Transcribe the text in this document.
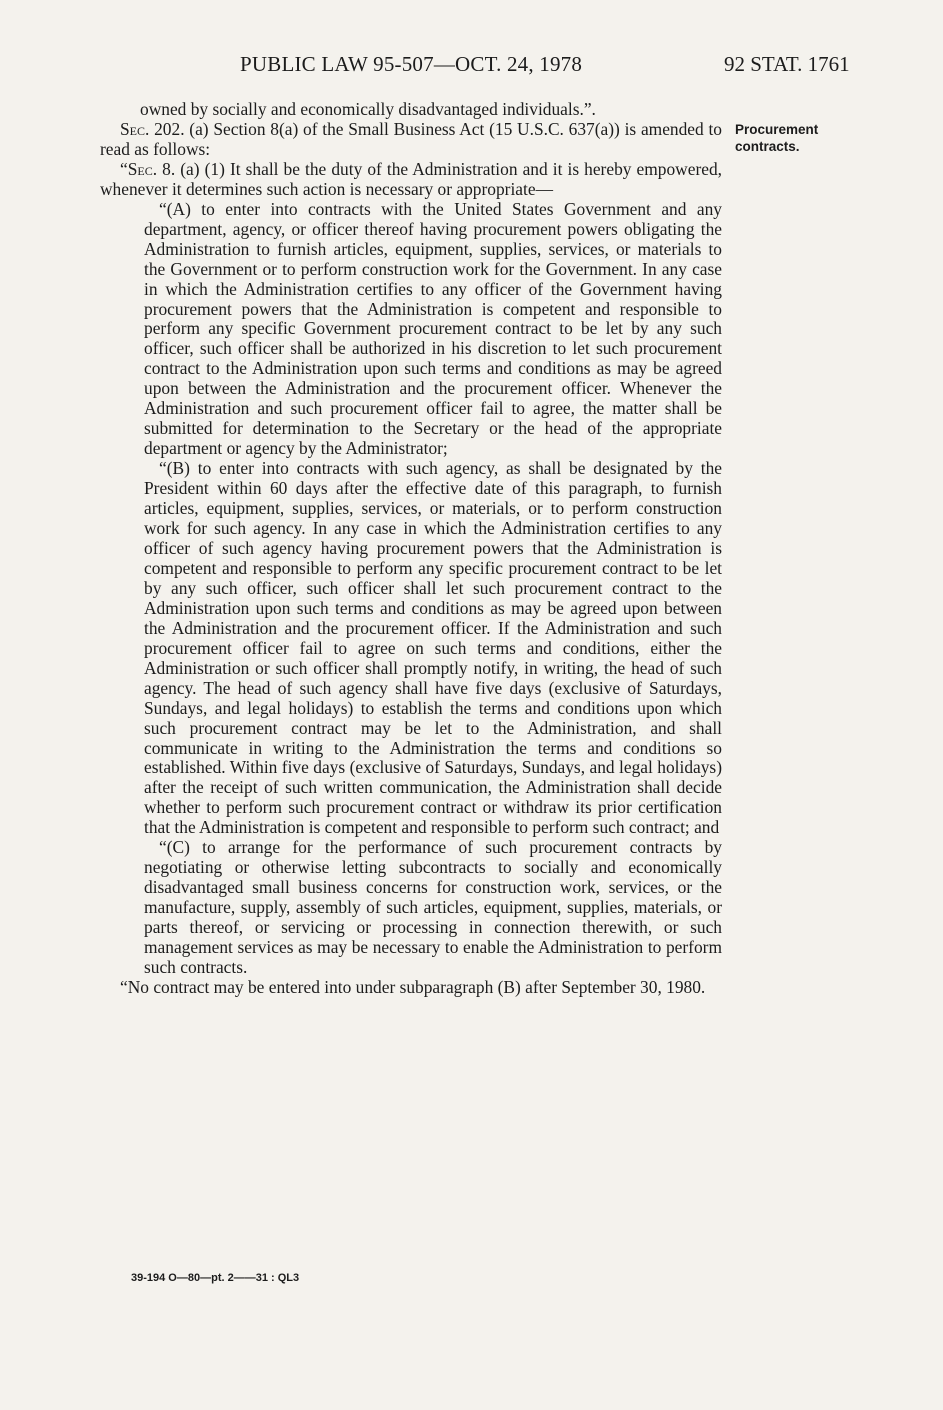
PUBLIC LAW 95-507—OCT. 24, 1978	92 STAT. 1761
Procurement
contracts.

owned by socially and economically disadvantaged individuals.”.

Sec. 202. (a) Section 8(a) of the Small Business Act (15 U.S.C. 637(a)) is amended to read as follows:

“Sec. 8. (a) (1) It shall be the duty of the Administration and it is hereby empowered, whenever it determines such action is necessary or appropriate—

“(A) to enter into contracts with the United States Government and any department, agency, or officer thereof having procurement powers obligating the Administration to furnish articles, equipment, supplies, services, or materials to the Government or to perform construction work for the Government. In any case in which the Administration certifies to any officer of the Government having procurement powers that the Administration is competent and responsible to perform any specific Government procurement contract to be let by any such officer, such officer shall be authorized in his discretion to let such procurement contract to the Administration upon such terms and conditions as may be agreed upon between the Administration and the procurement officer. Whenever the Administration and such procurement officer fail to agree, the matter shall be submitted for determination to the Secretary or the head of the appropriate department or agency by the Administrator;

“(B) to enter into contracts with such agency, as shall be designated by the President within 60 days after the effective date of this paragraph, to furnish articles, equipment, supplies, services, or materials, or to perform construction work for such agency. In any case in which the Administration certifies to any officer of such agency having procurement powers that the Administration is competent and responsible to perform any specific procurement contract to be let by any such officer, such officer shall let such procurement contract to the Administration upon such terms and conditions as may be agreed upon between the Administration and the procurement officer. If the Administration and such procurement officer fail to agree on such terms and conditions, either the Administration or such officer shall promptly notify, in writing, the head of such agency. The head of such agency shall have five days (exclusive of Saturdays, Sundays, and legal holidays) to establish the terms and conditions upon which such procurement contract may be let to the Administration, and shall communicate in writing to the Administration the terms and conditions so established. Within five days (exclusive of Saturdays, Sundays, and legal holidays) after the receipt of such written communication, the Administration shall decide whether to perform such procurement contract or withdraw its prior certification that the Administration is competent and responsible to perform such contract; and

“(C) to arrange for the performance of such procurement contracts by negotiating or otherwise letting subcontracts to socially and economically disadvantaged small business concerns for construction work, services, or the manufacture, supply, assembly of such articles, equipment, supplies, materials, or parts thereof, or servicing or processing in connection therewith, or such management services as may be necessary to enable the Administration to perform such contracts.

“No contract may be entered into under subparagraph (B) after September 30, 1980.

39-194 O—80—pt. 2——31 : QL3
